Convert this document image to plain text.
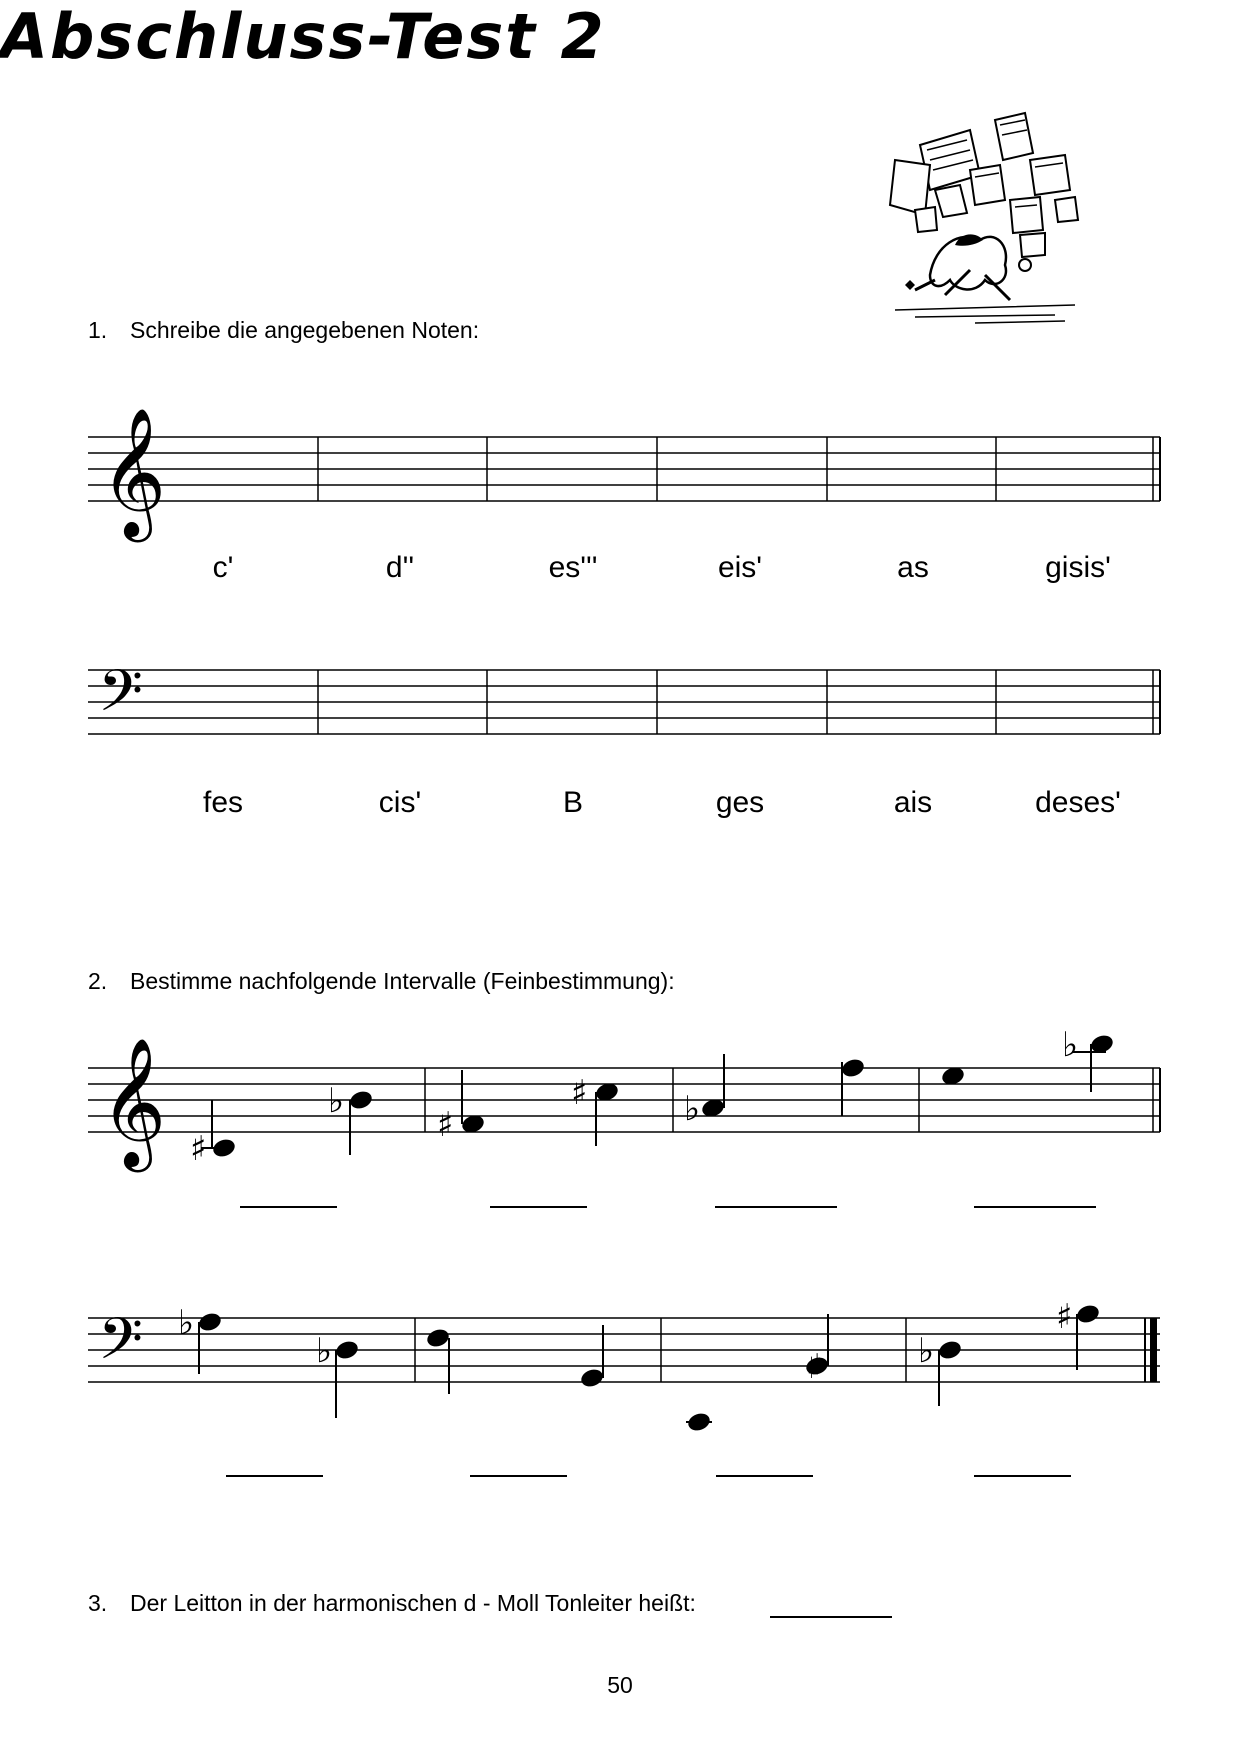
Abschluss-Test 2
1. Schreibe die angegebenen Noten:
𝄞
c'	d''	es'''	eis'	as	gisis'
𝄢
fes	cis'	B	ges	ais	deses'
2. Bestimme nachfolgende Intervalle (Feinbestimmung):
𝄞 ♯
♭
♯
♯	♭
♭
𝄢 ♭
♭	♯	♭
♯
3. Der Leitton in der harmonischen d - Moll Tonleiter heißt:
50
